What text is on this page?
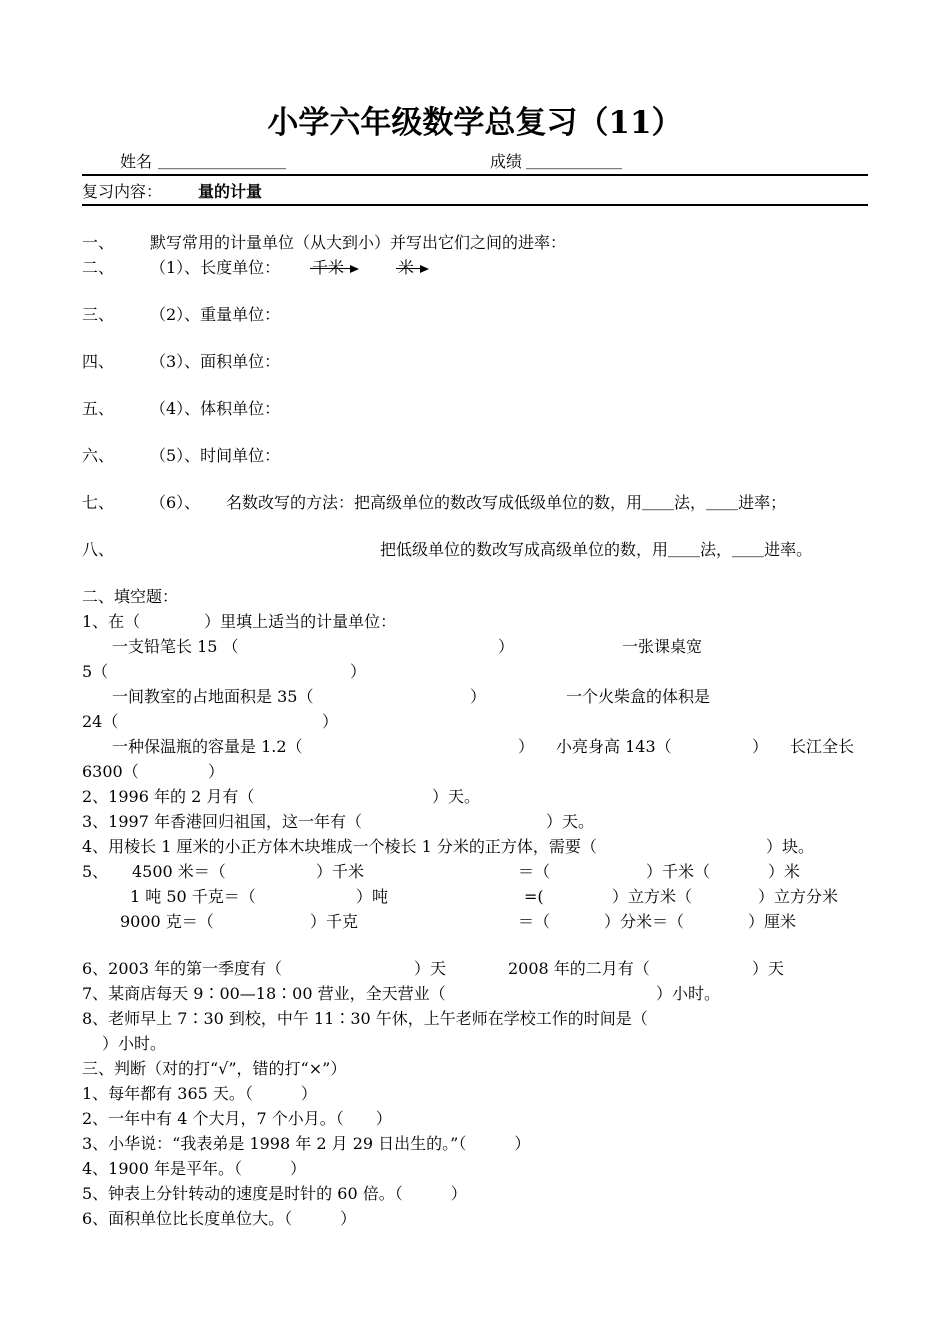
小学六年级数学总复习（11）
姓名 ＿＿＿＿＿＿＿＿	成绩 ＿＿＿＿＿＿
复习内容： 量的计量
一、 默写常用的计量单位（从大到小）并写出它们之间的进率：
二、 （1）、长度单位： 千米	米
三、 （2）、重量单位：
四、 （3）、面积单位：
五、 （4）、体积单位：
六、 （5）、时间单位：
七、 （6）、 名数改写的方法：把高级单位的数改写成低级单位的数，用＿＿法，＿＿进率；
八、	把低级单位的数改写成高级单位的数，用＿＿法，＿＿进率。
二、填空题：
1、在（　　　　）里填上适当的计量单位：
一支铅笔长 15 （	）	一张课桌宽
5（	）
一间教室的占地面积是 35（	）	一个火柴盒的体积是
24（	）
一种保温瓶的容量是 1.2（	） 小亮身高 143（	） 长江全长
6300（	）
2、1996 年的 2 月有（	）天。
3、1997 年香港回归祖国，这一年有（	）天。
4、用棱长 1 厘米的小正方体木块堆成一个棱长 1 分米的正方体，需要（	）块。
5、 4500 米＝（	）千米	＝（	）千米（	）米
1 吨 50 千克＝（	）吨	=(	）立方米（	）立方分米
9000 克＝（	）千克	＝（	）分米＝（	）厘米
6、2003 年的第一季度有（	）天	2008 年的二月有（	）天
7、某商店每天 9∶00—18∶00 营业，全天营业（	）小时。
8、老师早上 7∶30 到校，中午 11∶30 午休，上午老师在学校工作的时间是（
）小时。
三、判断（对的打“√”，错的打“×”）
1、每年都有 365 天。（　　　）
2、一年中有 4 个大月，7 个小月。（　　）
3、小华说：“我表弟是 1998 年 2 月 29 日出生的。”（　　　）
4、1900 年是平年。（　　　）
5、钟表上分针转动的速度是时针的 60 倍。（　　　）
6、面积单位比长度单位大。（　　　）
